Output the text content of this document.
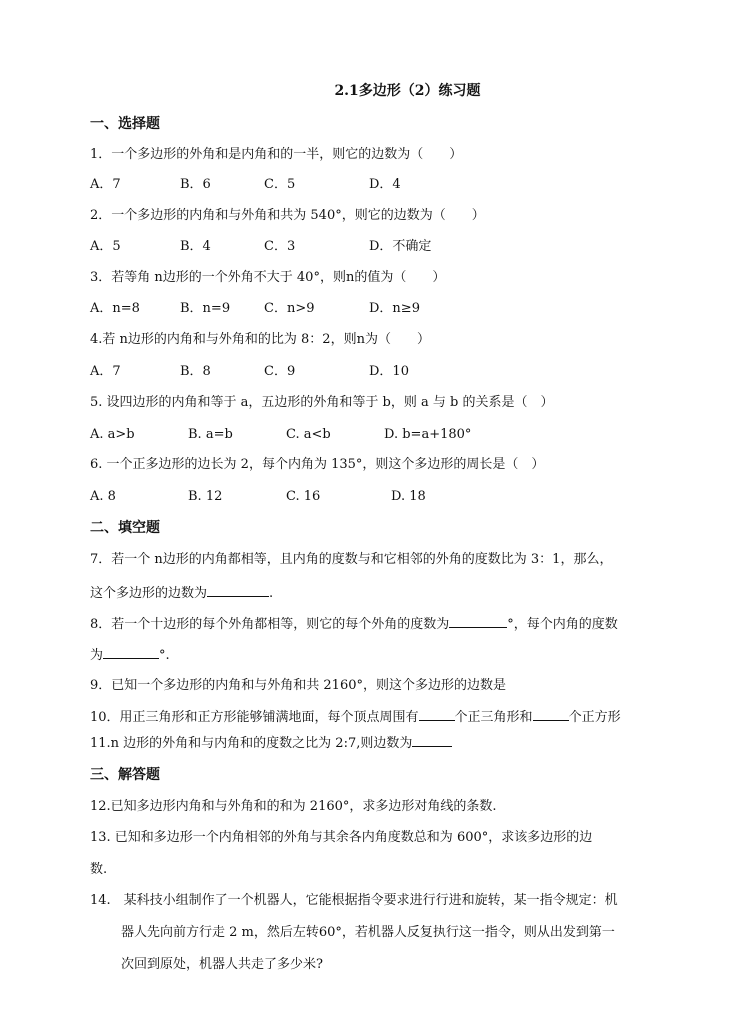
2.1多边形（2）练习题
一、选择题
1．一个多边形的外角和是内角和的一半，则它的边数为（　　）
A．7	B．6	C．5	D．4
2．一个多边形的内角和与外角和共为 540°，则它的边数为（　　）
A．5	B．4	C．3	D．不确定
3．若等角 n边形的一个外角不大于 40°，则n的值为（　　）
A．n=8	B．n=9	C．n>9	D．n≥9
4.若 n边形的内角和与外角和的比为 8：2，则n为（　　）
A．7	B．8	C．9	D．10
5. 设四边形的内角和等于 a，五边形的外角和等于 b，则 a 与 b 的关系是（　）
A. a>b	B. a=b	C. a<b	D. b=a+180°
6. 一个正多边形的边长为 2，每个内角为 135°，则这个多边形的周长是（　）
A. 8	B. 12	C. 16	D. 18
二、填空题
7．若一个 n边形的内角都相等，且内角的度数与和它相邻的外角的度数比为 3：1，那么，
这个多边形的边数为	.
8．若一个十边形的每个外角都相等，则它的每个外角的度数为	°，每个内角的度数
为	°.
9．已知一个多边形的内角和与外角和共 2160°，则这个多边形的边数是
10．用正三角形和正方形能够铺满地面，每个顶点周围有	个正三角形和	个正方形
11.n 边形的外角和与内角和的度数之比为 2:7,则边数为
三、解答题
12.已知多边形内角和与外角和的和为 2160°，求多边形对角线的条数.
13. 已知和多边形一个内角相邻的外角与其余各内角度数总和为 600°，求该多边形的边
数.
14.　某科技小组制作了一个机器人，它能根据指令要求进行行进和旋转，某一指令规定：机
器人先向前方行走 2 m，然后左转60°，若机器人反复执行这一指令，则从出发到第一
次回到原处，机器人共走了多少米?
